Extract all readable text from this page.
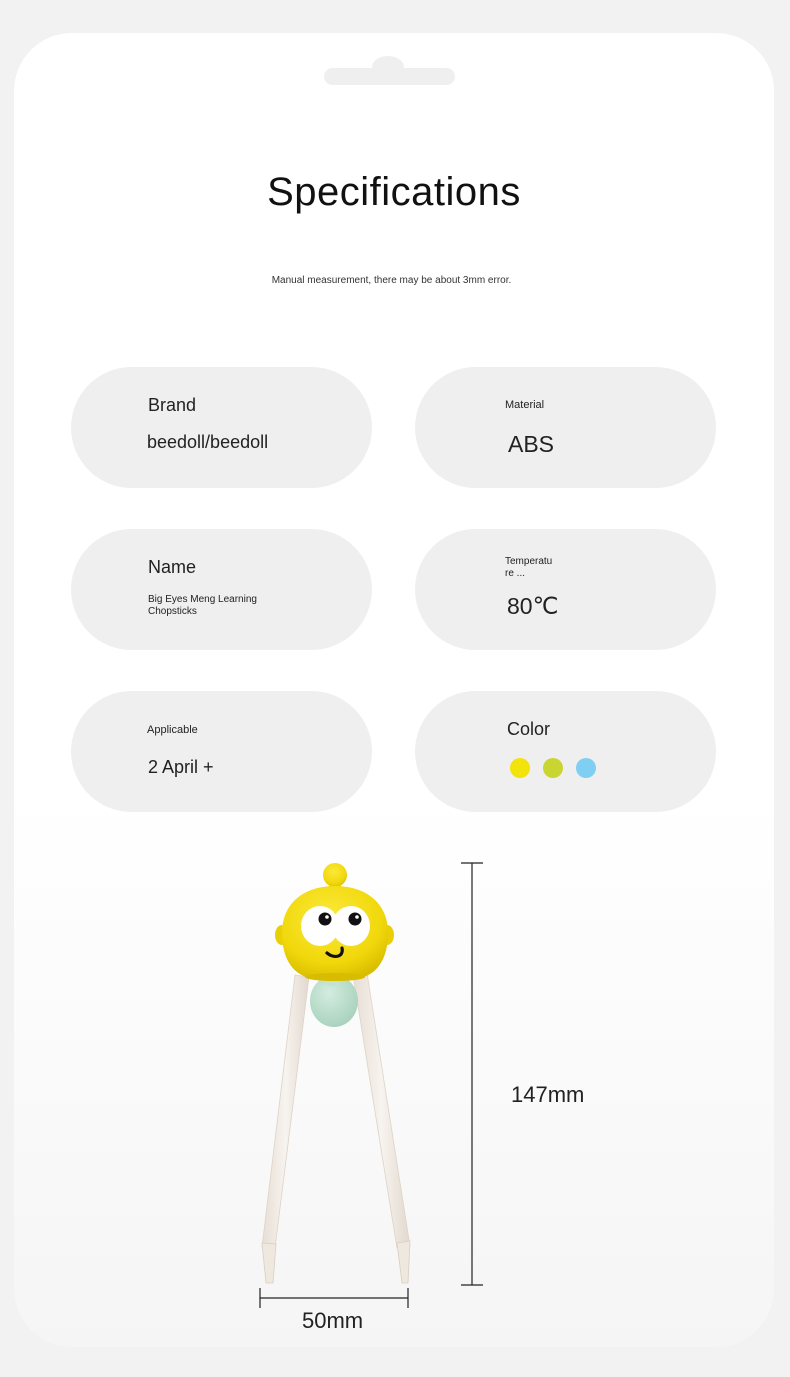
Specifications
Manual measurement, there may be about 3mm error.
Brand
beedoll/beedoll
Material
ABS
Name
Big Eyes Meng Learning Chopsticks
Temperatu re ...
80℃
Applicable
2 April +
Color
147mm
50mm
